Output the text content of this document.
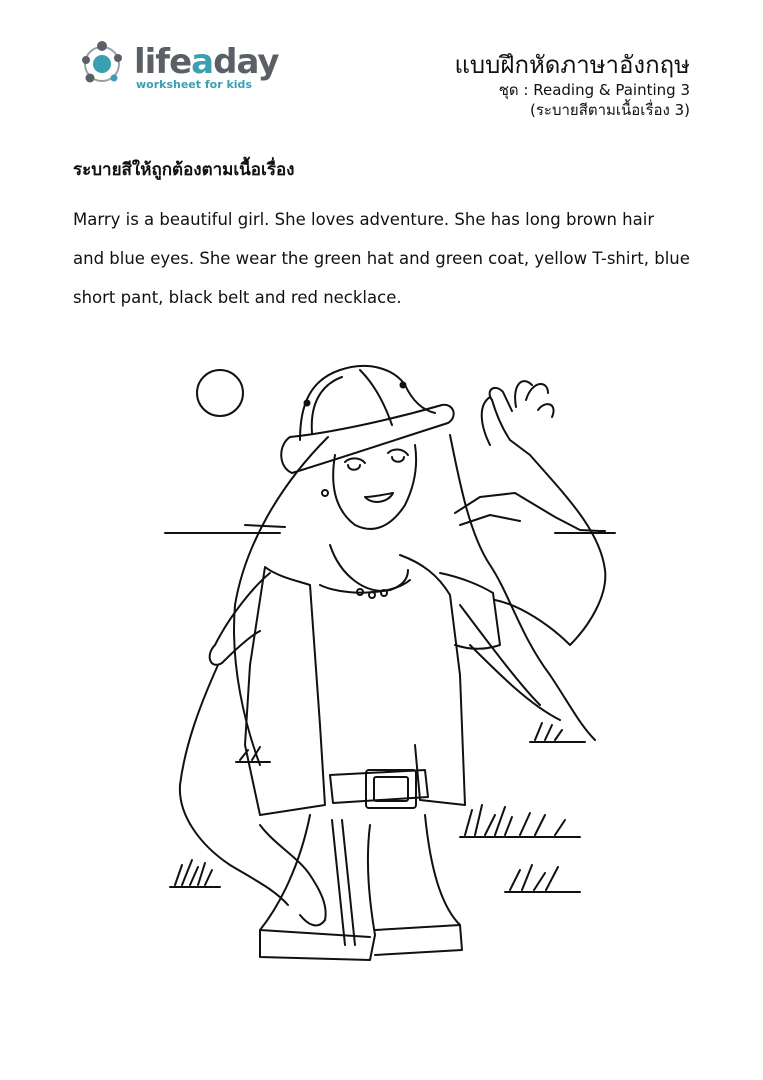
lifeaday
worksheet for kids
แบบฝึกหัดภาษาอังกฤษ
ชุด : Reading & Painting 3
(ระบายสีตามเนื้อเรื่อง 3)
ระบายสีให้ถูกต้องตามเนื้อเรื่อง
Marry is a beautiful girl. She loves adventure. She has long brown hair
and blue eyes. She wear the green hat and green coat, yellow T-shirt, blue
short pant, black belt and red necklace.
